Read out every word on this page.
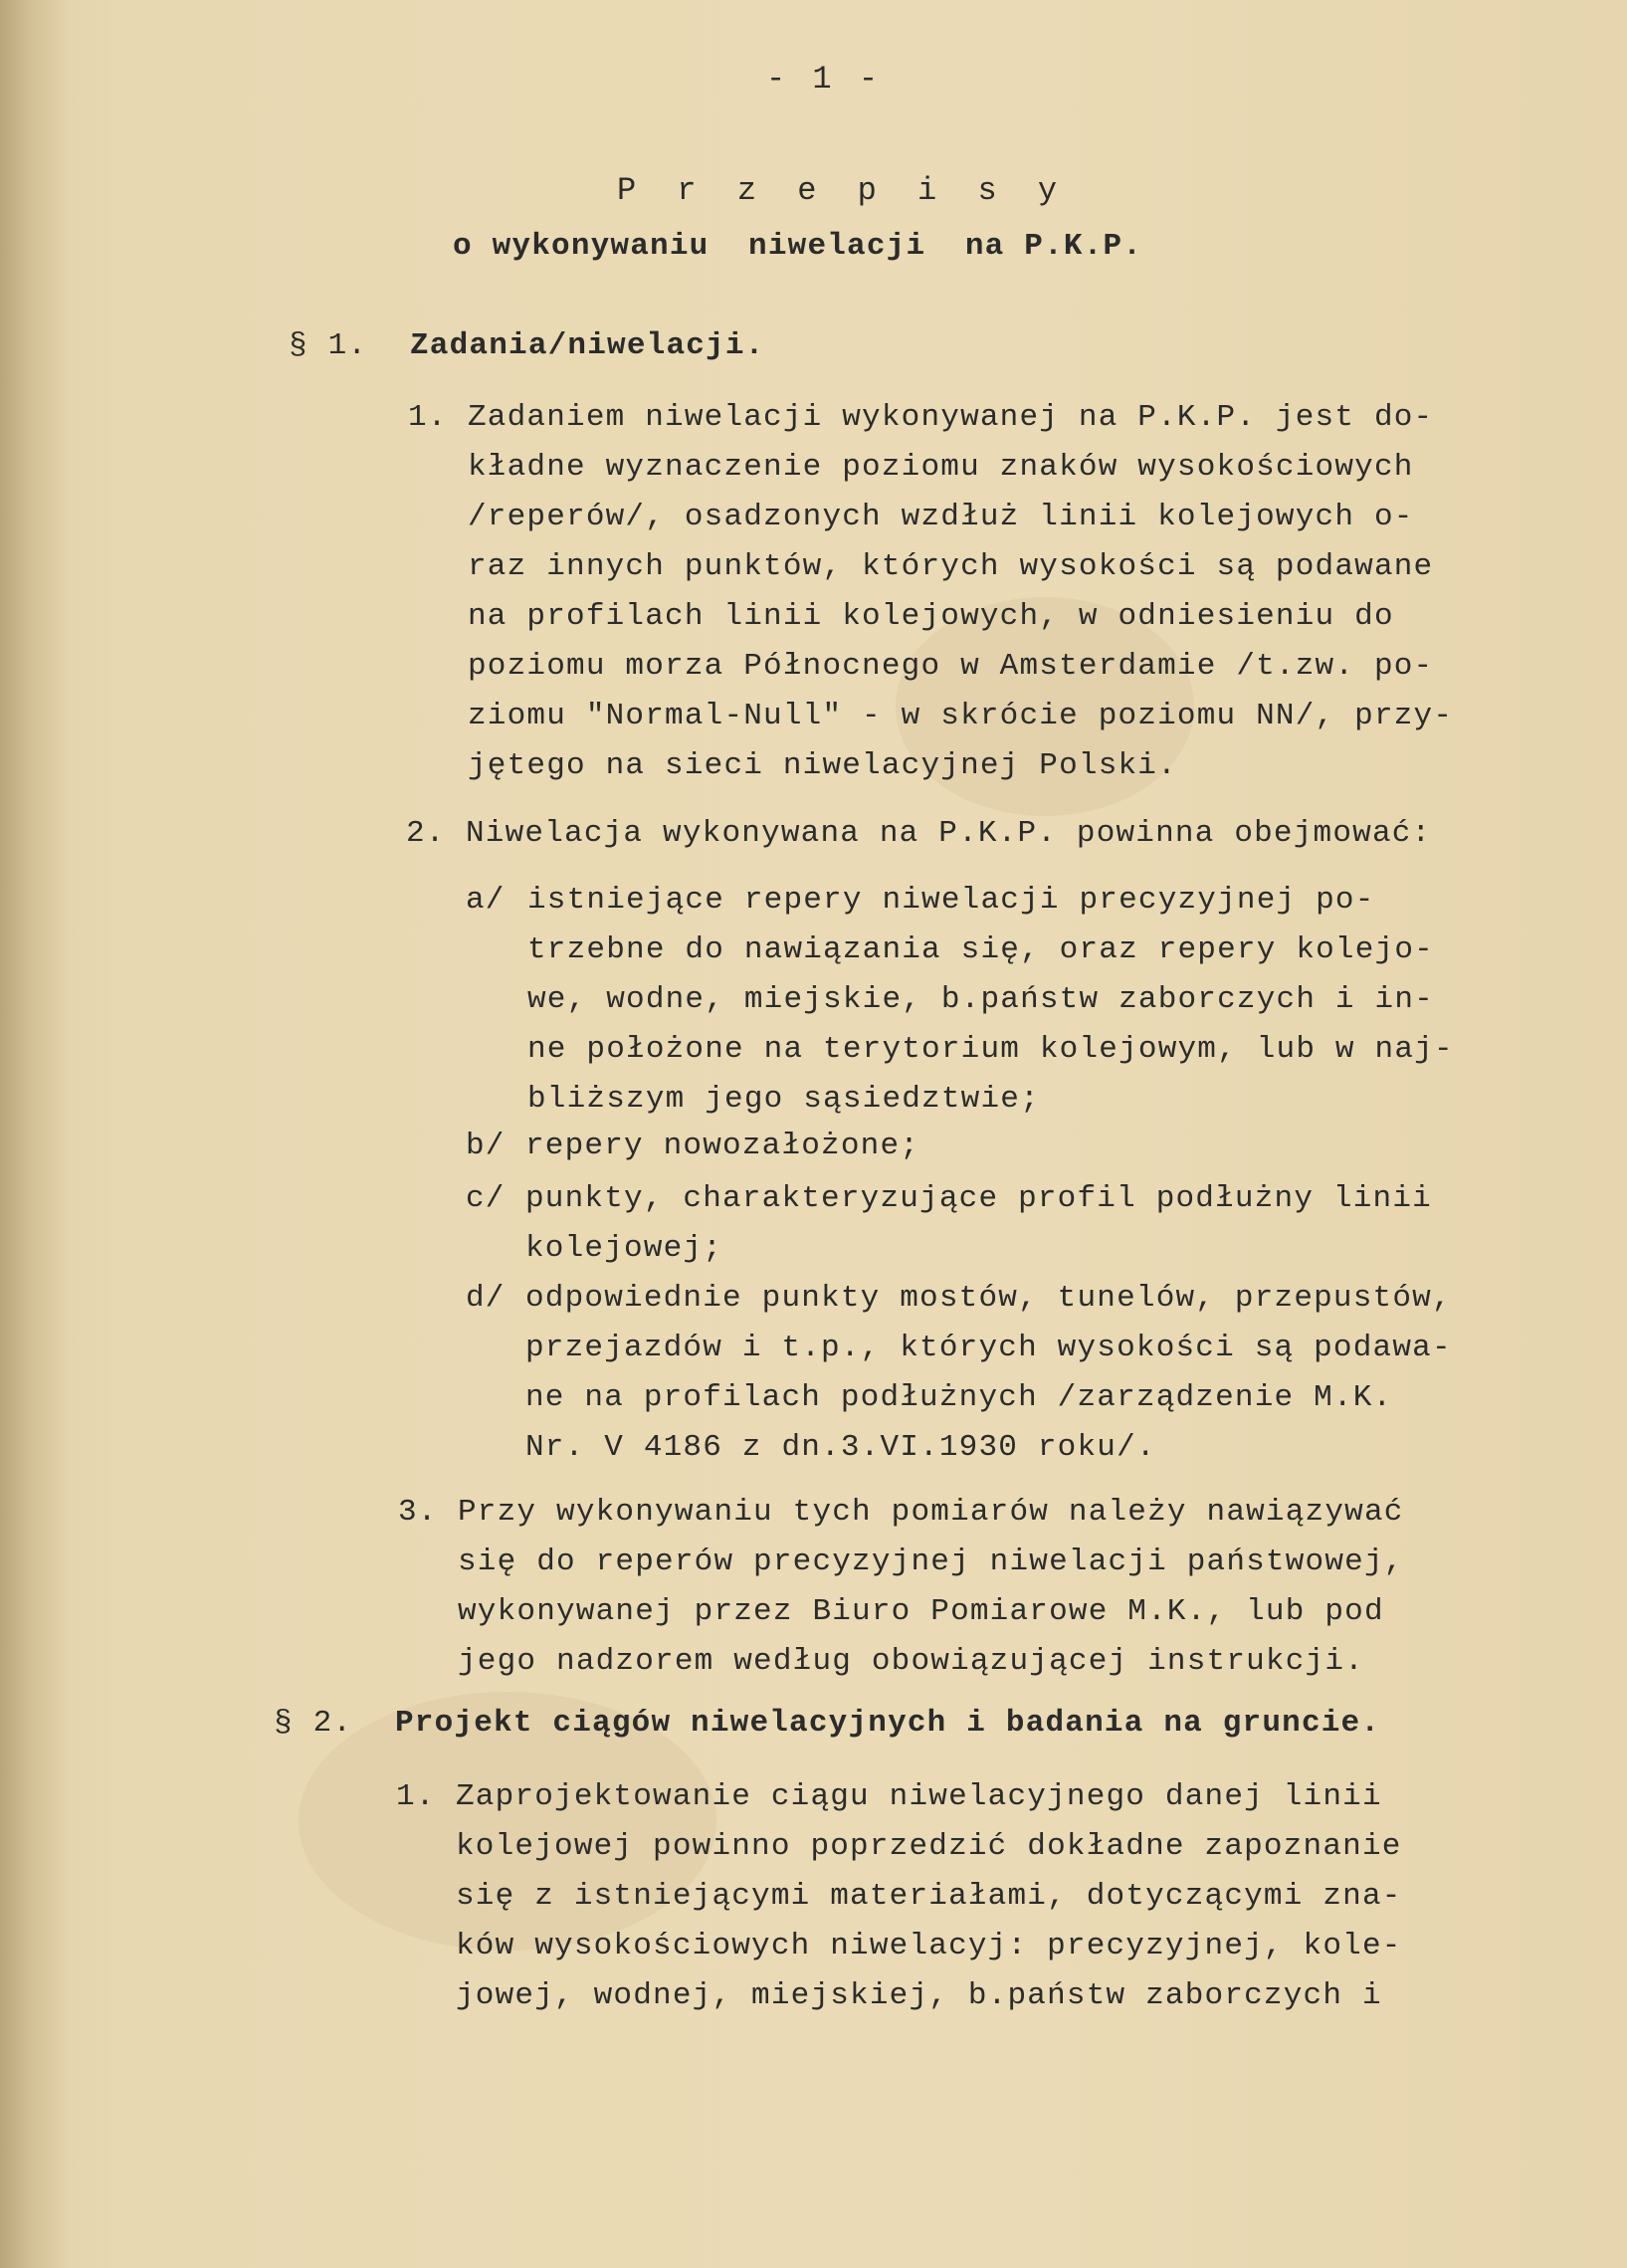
- 1 -
P r z e p i s y
o wykonywaniu  niwelacji  na P.K.P.
§ 1. Zadania/niwelacji.
1. Zadaniem niwelacji wykonywanej na P.K.P. jest do-
kładne wyznaczenie poziomu znaków wysokościowych
/reperów/, osadzonych wzdłuż linii kolejowych o-
raz innych punktów, których wysokości są podawane
na profilach linii kolejowych, w odniesieniu do
poziomu morza Północnego w Amsterdamie /t.zw. po-
ziomu "Normal-Null" - w skrócie poziomu NN/, przy-
jętego na sieci niwelacyjnej Polski.
2. Niwelacja wykonywana na P.K.P. powinna obejmować:
a/ istniejące repery niwelacji precyzyjnej po-
trzebne do nawiązania się, oraz repery kolejo-
we, wodne, miejskie, b.państw zaborczych i in-
ne położone na terytorium kolejowym, lub w naj-
bliższym jego sąsiedztwie;
b/ repery nowozałożone;
c/ punkty, charakteryzujące profil podłużny linii
kolejowej;
d/ odpowiednie punkty mostów, tunelów, przepustów,
przejazdów i t.p., których wysokości są podawa-
ne na profilach podłużnych /zarządzenie M.K.
Nr. V 4186 z dn.3.VI.1930 roku/.
3. Przy wykonywaniu tych pomiarów należy nawiązywać
się do reperów precyzyjnej niwelacji państwowej,
wykonywanej przez Biuro Pomiarowe M.K., lub pod
jego nadzorem według obowiązującej instrukcji.
§ 2. Projekt ciągów niwelacyjnych i badania na gruncie.
1. Zaprojektowanie ciągu niwelacyjnego danej linii
kolejowej powinno poprzedzić dokładne zapoznanie
się z istniejącymi materiałami, dotyczącymi zna-
ków wysokościowych niwelacyj: precyzyjnej, kole-
jowej, wodnej, miejskiej, b.państw zaborczych i
